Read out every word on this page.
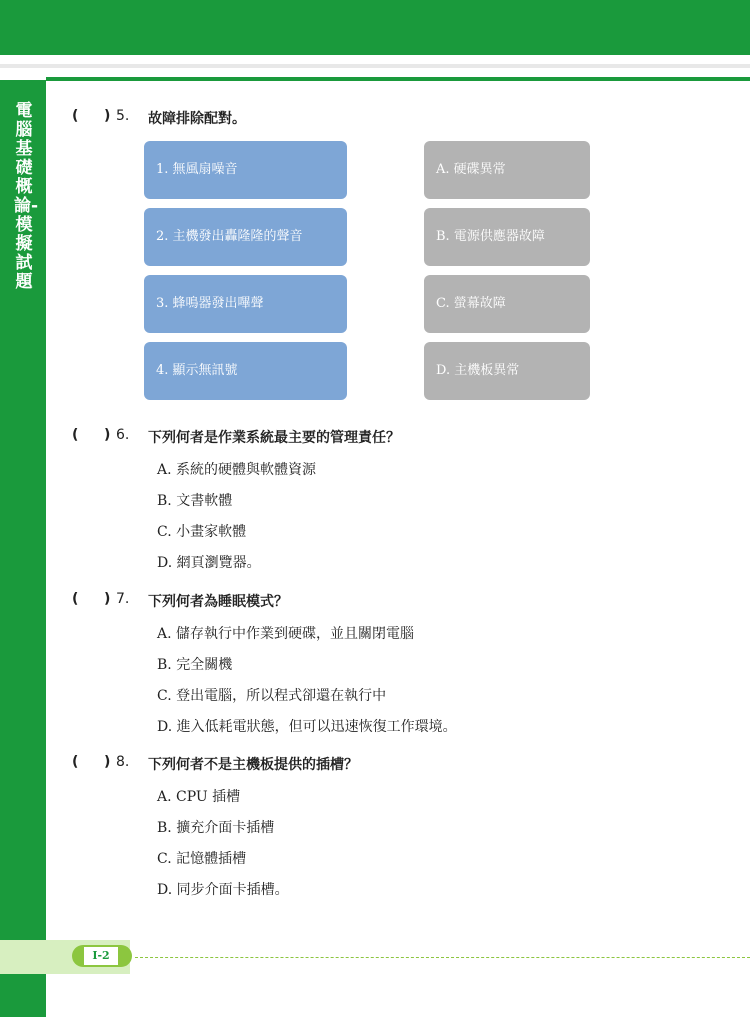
電腦基礎概論-模擬試題
( ) 5. 故障排除配對。
1. 無風扇噪音
2. 主機發出轟隆隆的聲音
3. 蜂鳴器發出嗶聲
4. 顯示無訊號
A. 硬碟異常
B. 電源供應器故障
C. 螢幕故障
D. 主機板異常
( ) 6. 下列何者是作業系統最主要的管理責任？
A. 系統的硬體與軟體資源
B. 文書軟體
C. 小畫家軟體
D. 網頁瀏覽器。
( ) 7. 下列何者為睡眠模式？
A. 儲存執行中作業到硬碟，並且關閉電腦
B. 完全關機
C. 登出電腦，所以程式卻還在執行中
D. 進入低耗電狀態，但可以迅速恢復工作環境。
( ) 8. 下列何者不是主機板提供的插槽？
A. CPU 插槽
B. 擴充介面卡插槽
C. 記憶體插槽
D. 同步介面卡插槽。
I-2
